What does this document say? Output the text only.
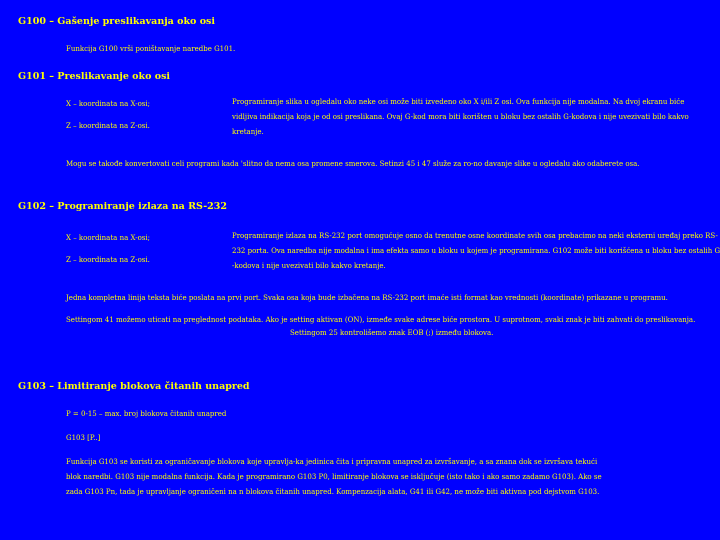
G100 – Gašenje preslikavanja oko osi
Funkcija G100 vrši poništavanje naredbe G101.
G101 – Preslikavanje oko osi
X – koordinata na X-osi;
Z – koordinata na Z-osi.
Programiranje slika u ogledalu oko neke osi može biti izvedeno oko X i/ili Z osi. Ova funkcija nije modalna. Na dvoj ekranu biće
vidljiva indikacija koja je od osi preslikana. Ovaj G-kod mora biti korišten u bloku bez ostalih G-kodova i nije uvezivati bilo kakvo
kretanje.
Mogu se takođe konvertovati celi programi kada 'slitno da nema osa promene smerova. Setinzi 45 i 47 služe za ro-no davanje slike u ogledalu ako odaberete osa.
G102 – Programiranje izlaza na RS-232
X – koordinata na X-osi;
Z – koordinata na Z-osi.
Programiranje izlaza na RS-232 port omogućuje osno da trenutne osne koordinate svih osa prebacimo na neki eksterni uređaj preko RS-
232 porta. Ova naredba nije modalna i ima efekta samo u bloku u kojem je programirana. G102 može biti korišćena u bloku bez ostalih G
-kodova i nije uvezivati bilo kakvo kretanje.
Jedna kompletna linija teksta biće poslata na prvi port. Svaka osa koja bude izbačena na RS-232 port imaće isti format kao vrednosti (koordinate) prikazane u programu.
Settingom 41 možemo uticati na preglednost podataka. Ako je setting aktivan (ON), izmeđe svake adrese biće prostora. U suprotnom, svaki znak je biti zahvati do preslikavanja.
Settingom 25 kontrolišemo znak EOB (;) između blokova.
G103 – Limitiranje blokova čitanih unapred
P = 0-15 – max. broj blokova čitanih unapred
G103 [P..]
Funkcija G103 se koristi za ograničavanje blokova koje upravlja-ka jedinica čita i pripravna unapred za izvršavanje, a sa znana dok se izvršava tekući
blok naredbi. G103 nije modalna funkcija. Kada je programirano G103 P0, limitiranje blokova se isključuje (isto tako i ako samo zadamo G103). Ako se
zada G103 Pn, tada je upravljanje ograničeni na n blokova čitanih unapred. Kompenzacija alata, G41 ili G42, ne može biti aktivna pod dejstvom G103.
